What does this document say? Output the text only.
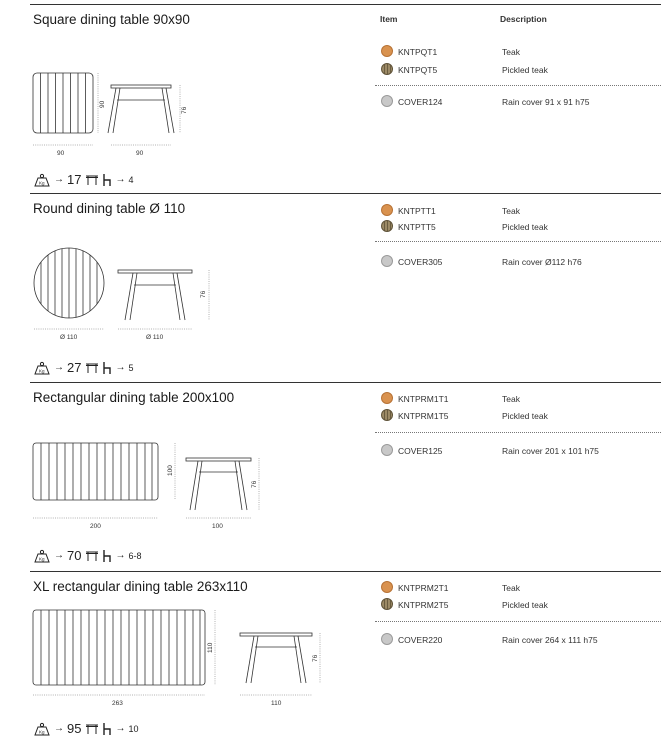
Square dining table 90x90	Item	Description
KNTPQT1	Teak
KNTPQT5	Pickled teak
COVER124	Rain cover 91 x 91 h75
90	90
90
76
Kg → 17	→ 4
Round dining table Ø 110	KNTPTT1	Teak
KNTPTT5	Pickled teak
COVER305	Rain cover Ø112 h76
Ø 110	Ø 110
76
Kg → 27	→ 5
Rectangular dining table 200x100	KNTPRM1T1	Teak
KNTPRM1T5	Pickled teak
COVER125	Rain cover 201 x 101 h75
200	100
100
76
Kg → 70	→ 6-8
XL rectangular dining table 263x110	KNTPRM2T1	Teak
KNTPRM2T5	Pickled teak
COVER220	Rain cover 264 x 111 h75
263	110
110
76
Kg → 95	→ 10
